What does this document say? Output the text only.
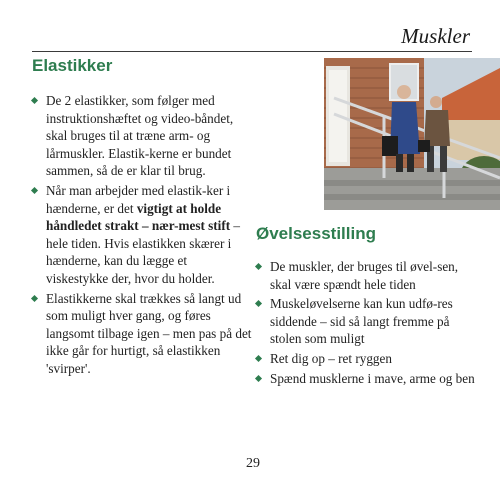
Muskler
Elastikker
De 2 elastikker, som følger med instruktionshæftet og video-båndet, skal bruges til at træne arm- og lårmuskler. Elastik-kerne er bundet sammen, så de er klar til brug.
Når man arbejder med elastik-ker i hænderne, er det vigtigt at holde håndledet strakt – nær-mest stift – hele tiden. Hvis elastikken skærer i hænderne, kan du lægge et viskestykke der, hvor du holder.
Elastikkerne skal trækkes så langt ud som muligt hver gang, og føres langsomt tilbage igen – men pas på det ikke går for hurtigt, så elastikken 'svirper'.
Øvelsesstilling
De muskler, der bruges til øvel-sen, skal være spændt hele tiden
Muskeløvelserne kan kun udfø-res siddende – sid så langt fremme på stolen som muligt
Ret dig op – ret ryggen
Spænd musklerne i mave, arme og ben
29
